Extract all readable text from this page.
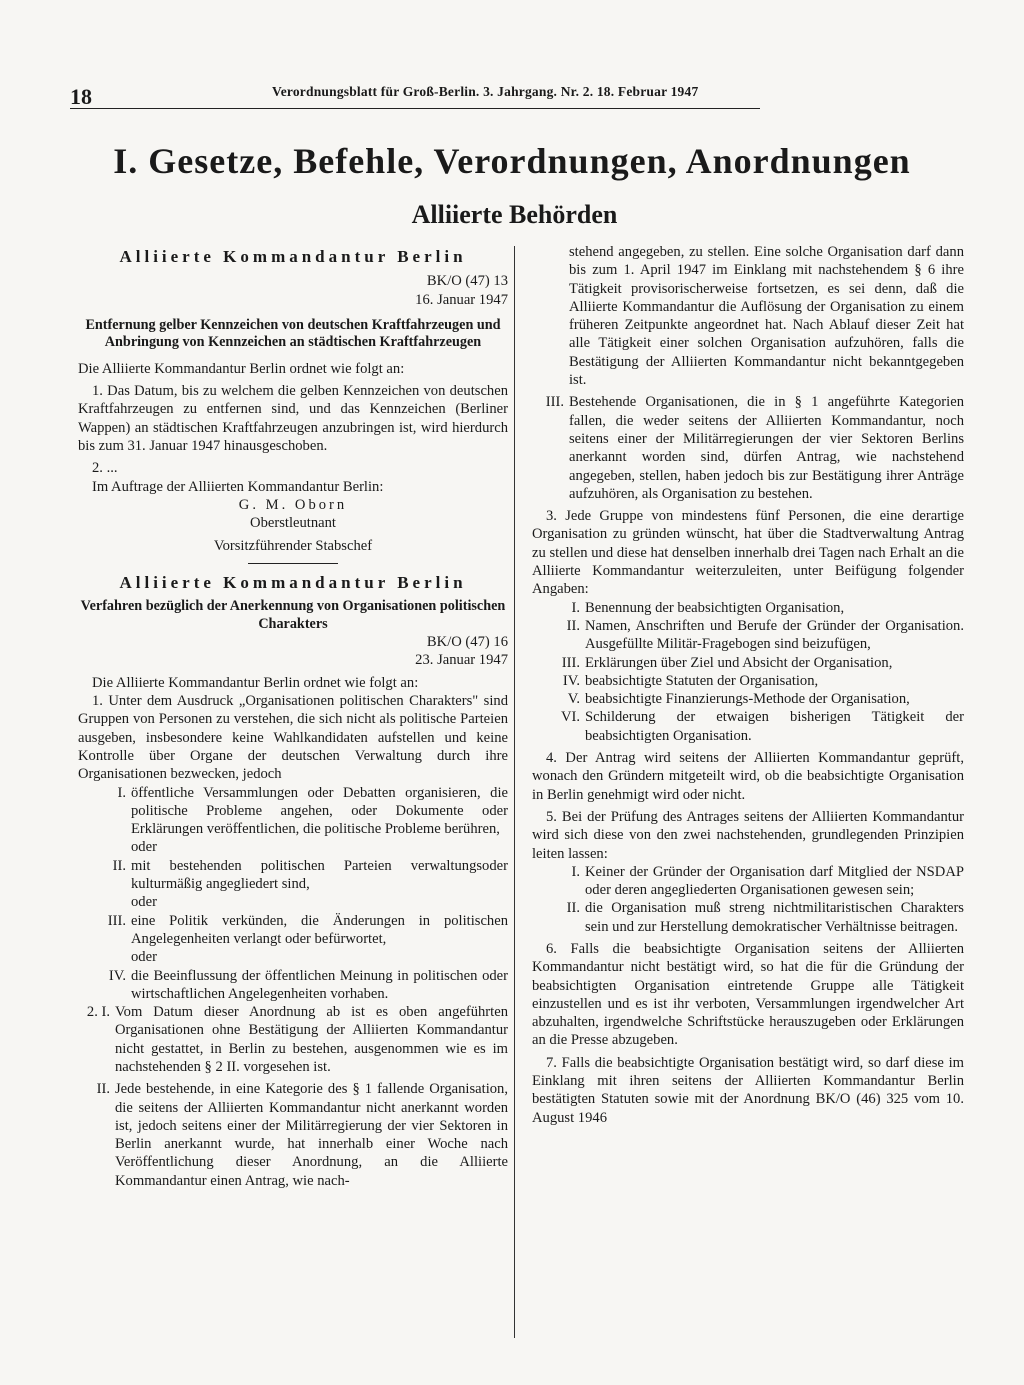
18	Verordnungsblatt für Groß-Berlin. 3. Jahrgang. Nr. 2. 18. Februar 1947
I. Gesetze, Befehle, Verordnungen, Anordnungen
Alliierte Behörden

Alliierte Kommandantur Berlin

BK/O (47) 13

16. Januar 1947

Entfernung gelber Kennzeichen von deutschen Kraftfahrzeugen und Anbringung von Kennzeichen an städtischen Kraftfahrzeugen

Die Alliierte Kommandantur Berlin ordnet wie folgt an:

1. Das Datum, bis zu welchem die gelben Kennzeichen von deutschen Kraftfahrzeugen zu entfernen sind, und das Kennzeichen (Berliner Wappen) an städtischen Kraftfahrzeugen anzubringen ist, wird hierdurch bis zum 31. Januar 1947 hinausgeschoben.

2. ...

Im Auftrage der Alliierten Kommandantur Berlin:

G. M. Oborn

Oberstleutnant

Vorsitzführender Stabschef

Alliierte Kommandantur Berlin

Verfahren bezüglich der Anerkennung von Organisationen politischen Charakters

BK/O (47) 16

23. Januar 1947

Die Alliierte Kommandantur Berlin ordnet wie folgt an:

1. Unter dem Ausdruck „Organisationen politischen Charakters" sind Gruppen von Personen zu verstehen, die sich nicht als politische Parteien ausgeben, insbesondere keine Wahlkandidaten aufstellen und keine Kontrolle über Organe der deutschen Verwaltung durch ihre Organisationen bezwecken, jedoch

I. öffentliche Versammlungen oder Debatten organisieren, die politische Probleme angehen, oder Dokumente oder Erklärungen veröffentlichen, die politische Probleme berühren,
oder
II. mit bestehenden politischen Parteien verwaltungsoder kulturmäßig angegliedert sind,
oder
III. eine Politik verkünden, die Änderungen in politischen Angelegenheiten verlangt oder befürwortet,
oder
IV. die Beeinflussung der öffentlichen Meinung in politischen oder wirtschaftlichen Angelegenheiten vorhaben.
2. I. Vom Datum dieser Anordnung ab ist es oben angeführten Organisationen ohne Bestätigung der Alliierten Kommandantur nicht gestattet, in Berlin zu bestehen, ausgenommen wie es im nachstehenden § 2 II. vorgesehen ist.
II. Jede bestehende, in eine Kategorie des § 1 fallende Organisation, die seitens der Alliierten Kommandantur nicht anerkannt worden ist, jedoch seitens einer der Militärregierung der vier Sektoren in Berlin anerkannt wurde, hat innerhalb einer Woche nach Veröffentlichung dieser Anordnung, an die Alliierte Kommandantur einen Antrag, wie nach-
stehend angegeben, zu stellen. Eine solche Organisation darf dann bis zum 1. April 1947 im Einklang mit nachstehendem § 6 ihre Tätigkeit provisorischerweise fortsetzen, es sei denn, daß die Alliierte Kommandantur die Auflösung der Organisation zu einem früheren Zeitpunkte angeordnet hat. Nach Ablauf dieser Zeit hat alle Tätigkeit einer solchen Organisation aufzuhören, falls die Bestätigung der Alliierten Kommandantur nicht bekanntgegeben ist.
III. Bestehende Organisationen, die in § 1 angeführte Kategorien fallen, die weder seitens der Alliierten Kommandantur, noch seitens einer der Militärregierungen der vier Sektoren Berlins anerkannt worden sind, dürfen Antrag, wie nachstehend angegeben, stellen, haben jedoch bis zur Bestätigung ihrer Anträge aufzuhören, als Organisation zu bestehen.

3. Jede Gruppe von mindestens fünf Personen, die eine derartige Organisation zu gründen wünscht, hat über die Stadtverwaltung Antrag zu stellen und diese hat denselben innerhalb drei Tagen nach Erhalt an die Alliierte Kommandantur weiterzuleiten, unter Beifügung folgender Angaben:

I. Benennung der beabsichtigten Organisation,
II. Namen, Anschriften und Berufe der Gründer der Organisation. Ausgefüllte Militär-Fragebogen sind beizufügen,
III. Erklärungen über Ziel und Absicht der Organisation,
IV. beabsichtigte Statuten der Organisation,
V. beabsichtigte Finanzierungs-Methode der Organisation,
VI. Schilderung der etwaigen bisherigen Tätigkeit der beabsichtigten Organisation.

4. Der Antrag wird seitens der Alliierten Kommandantur geprüft, wonach den Gründern mitgeteilt wird, ob die beabsichtigte Organisation in Berlin genehmigt wird oder nicht.

5. Bei der Prüfung des Antrages seitens der Alliierten Kommandantur wird sich diese von den zwei nachstehenden, grundlegenden Prinzipien leiten lassen:

I. Keiner der Gründer der Organisation darf Mitglied der NSDAP oder deren angegliederten Organisationen gewesen sein;
II. die Organisation muß streng nichtmilitaristischen Charakters sein und zur Herstellung demokratischer Verhältnisse beitragen.

6. Falls die beabsichtigte Organisation seitens der Alliierten Kommandantur nicht bestätigt wird, so hat die für die Gründung der beabsichtigten Organisation eintretende Gruppe alle Tätigkeit einzustellen und es ist ihr verboten, Versammlungen irgendwelcher Art abzuhalten, irgendwelche Schriftstücke herauszugeben oder Erklärungen an die Presse abzugeben.

7. Falls die beabsichtigte Organisation bestätigt wird, so darf diese im Einklang mit ihren seitens der Alliierten Kommandantur Berlin bestätigten Statuten sowie mit der Anordnung BK/O (46) 325 vom 10. August 1946
